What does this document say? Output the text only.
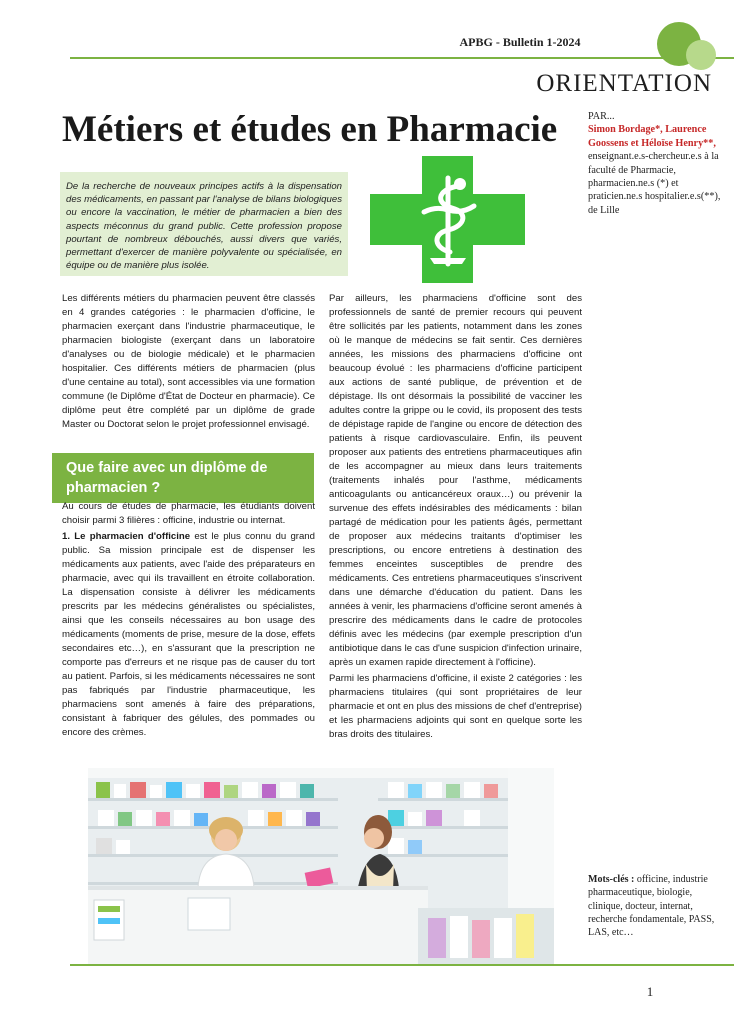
APBG - Bulletin 1-2024
ORIENTATION
Métiers et études en Pharmacie
De la recherche de nouveaux principes actifs à la dispensation des médicaments, en passant par l'analyse de bilans biologiques ou encore la vaccination, le métier de pharmacien a bien des aspects méconnus du grand public. Cette profession propose pourtant de nombreux débouchés, aussi divers que variés, permettant d'exercer de manière polyvalente ou spécialisée, en équipe ou de manière plus isolée.
PAR...
Simon Bordage*, Laurence Goossens et Héloïse Henry**,
enseignant.e.s-chercheur.e.s à la faculté de Pharmacie, pharmacien.ne.s (*) et praticien.ne.s hospitalier.e.s(**), de Lille

Les différents métiers du pharmacien peuvent être classés en 4 grandes catégories : le pharmacien d'officine, le pharmacien exerçant dans l'industrie pharmaceutique, le pharmacien biologiste (exerçant dans un laboratoire d'analyses ou de biologie médicale) et le pharmacien hospitalier. Ces différents métiers de pharmacien (plus d'une centaine au total), sont accessibles via une formation commune (le Diplôme d'État de Docteur en pharmacie). Ce diplôme peut être complété par un diplôme de grade Master ou Doctorat selon le projet professionnel envisagé.

Que faire avec un diplôme de pharmacien ?

Au cours de études de pharmacie, les étudiants doivent choisir parmi 3 filières : officine, industrie ou internat.

1. Le pharmacien d'officine est le plus connu du grand public. Sa mission principale est de dispenser les médicaments aux patients, avec l'aide des préparateurs en pharmacie, avec qui ils travaillent en étroite collaboration. La dispensation consiste à délivrer les médicaments prescrits par les médecins généralistes ou spécialistes, ainsi que les conseils nécessaires au bon usage des médicaments (moments de prise, mesure de la dose, effets secondaires etc…), en s'assurant que la prescription ne comporte pas d'erreurs et ne risque pas de causer du tort au patient. Parfois, si les médicaments nécessaires ne sont pas fabriqués par l'industrie pharmaceutique, les pharmaciens sont amenés à faire des préparations, consistant à fabriquer des gélules, des pommades ou encore des crèmes.

Par ailleurs, les pharmaciens d'officine sont des professionnels de santé de premier recours qui peuvent être sollicités par les patients, notamment dans les zones où le manque de médecins se fait sentir. Ces dernières années, les missions des pharmaciens d'officine ont beaucoup évolué : les pharmaciens d'officine participent aux actions de santé publique, de prévention et de dépistage. Ils ont désormais la possibilité de vacciner les adultes contre la grippe ou le covid, ils proposent des tests de dépistage rapide de l'angine ou encore de détection des patients à risque cardiovasculaire. Enfin, ils peuvent proposer aux patients des entretiens pharmaceutiques afin de les accompagner au mieux dans leurs traitements (traitements inhalés pour l'asthme, médicaments anticoagulants ou anticancéreux oraux…) ou prévenir la survenue des effets indésirables des médicaments : bilan partagé de médication pour les patients âgés, permettant de proposer aux médecins traitants d'optimiser les prescriptions, ou encore entretiens à destination des femmes enceintes susceptibles de prendre des médicaments. Ces entretiens pharmaceutiques s'inscrivent dans une démarche d'éducation du patient. Dans les années à venir, les pharmaciens d'officine seront amenés à prescrire des médicaments dans le cadre de protocoles définis avec les médecins (par exemple prescription d'un antibiotique dans le cas d'une suspicion d'infection urinaire, après un examen rapide directement à l'officine).

Parmi les pharmaciens d'officine, il existe 2 catégories : les pharmaciens titulaires (qui sont propriétaires de leur pharmacie et ont en plus des missions de chef d'entreprise) et les pharmaciens adjoints qui sont en quelque sorte les bras droits des titulaires.

Mots-clés : officine, industrie pharmaceutique, biologie, clinique, docteur, internat, recherche fondamentale, PASS, LAS, etc…
1
